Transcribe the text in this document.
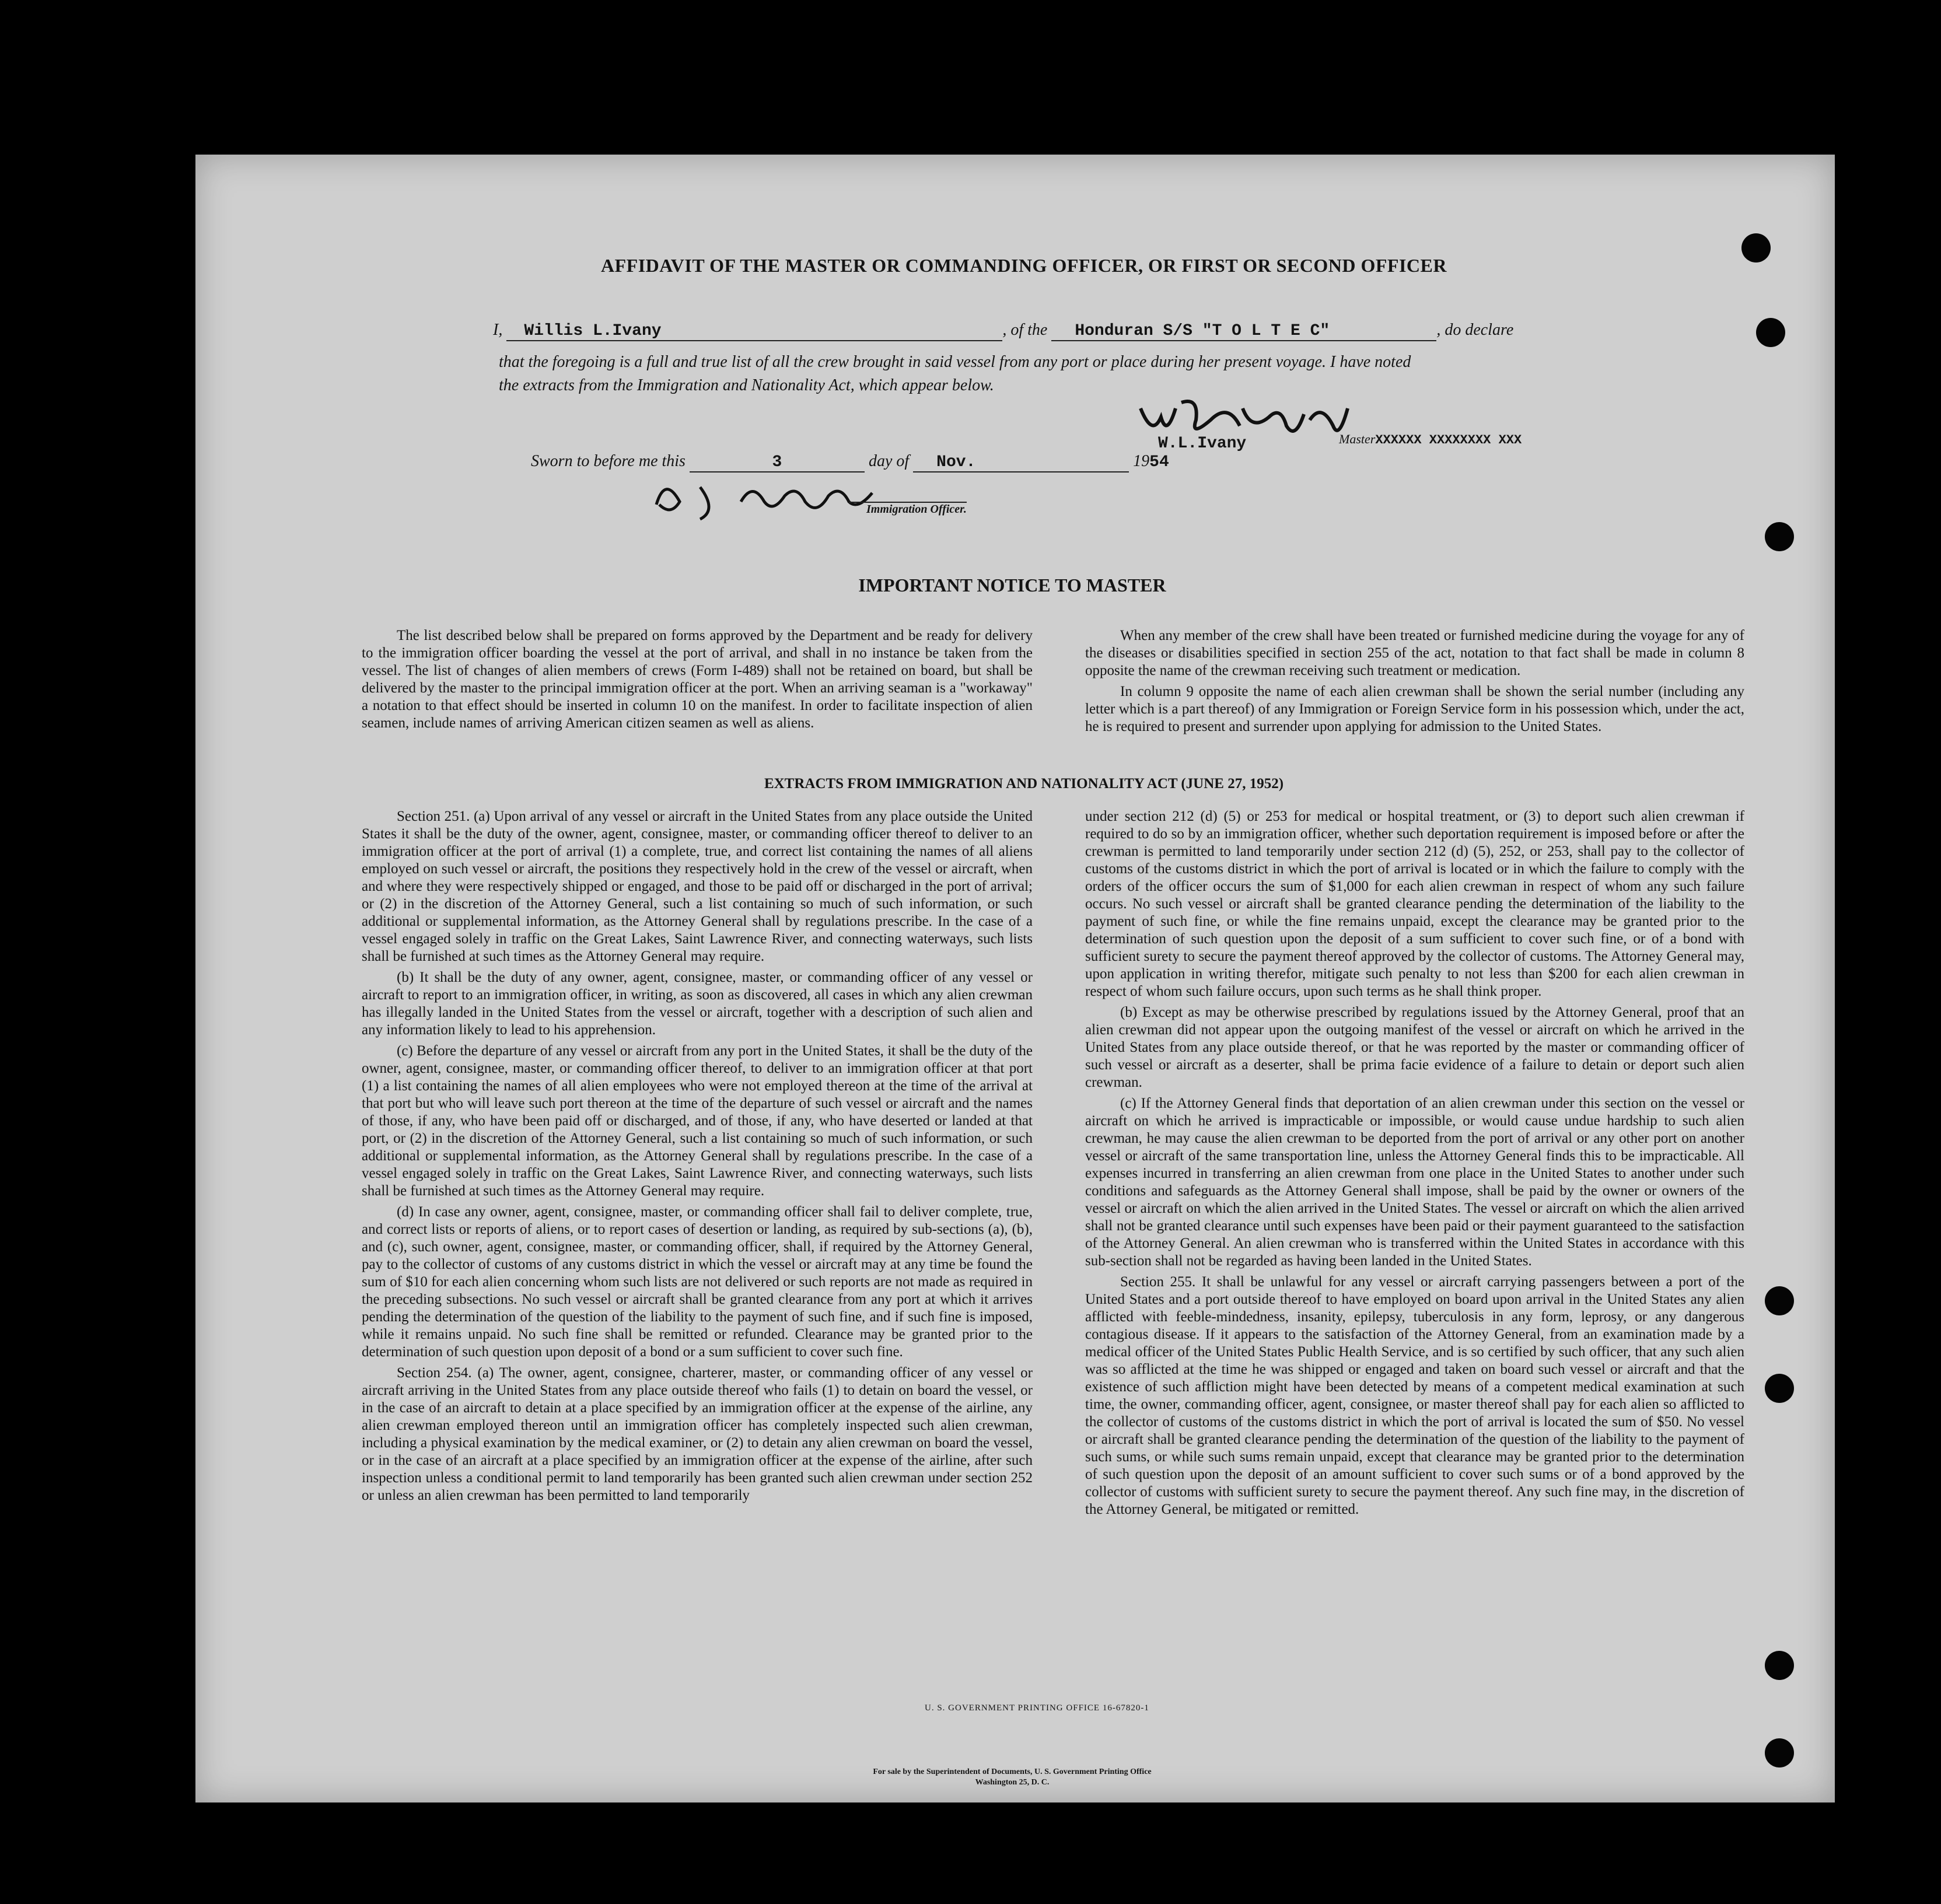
AFFIDAVIT OF THE MASTER OR COMMANDING OFFICER, OR FIRST OR SECOND OFFICER
I, Willis L.Ivany	, of the Honduran S/S "T O L T E C"	, do declare
that the foregoing is a full and true list of all the crew brought in said vessel from any port or place during her present voyage. I have noted
the extracts from the Immigration and Nationality Act, which appear below.
W.L.Ivany	MasterXXXXXX XXXXXXXX XXX
Sworn to before me this	3	day of Nov.	1954
Immigration Officer.
IMPORTANT NOTICE TO MASTER

The list described below shall be prepared on forms approved by the Department and be ready for delivery to the immigration officer boarding the vessel at the port of arrival, and shall in no instance be taken from the vessel. The list of changes of alien members of crews (Form I-489) shall not be retained on board, but shall be delivered by the master to the principal immigration officer at the port. When an arriving seaman is a "workaway" a notation to that effect should be inserted in column 10 on the manifest. In order to facilitate inspection of alien seamen, include names of arriving American citizen seamen as well as aliens.

When any member of the crew shall have been treated or furnished medicine during the voyage for any of the diseases or disabilities specified in section 255 of the act, notation to that fact shall be made in column 8 opposite the name of the crewman receiving such treatment or medication.

In column 9 opposite the name of each alien crewman shall be shown the serial number (including any letter which is a part thereof) of any Immigration or Foreign Service form in his possession which, under the act, he is required to present and surrender upon applying for admission to the United States.

EXTRACTS FROM IMMIGRATION AND NATIONALITY ACT (JUNE 27, 1952)

Section 251. (a) Upon arrival of any vessel or aircraft in the United States from any place outside the United States it shall be the duty of the owner, agent, consignee, master, or commanding officer thereof to deliver to an immigration officer at the port of arrival (1) a complete, true, and correct list containing the names of all aliens employed on such vessel or aircraft, the positions they respectively hold in the crew of the vessel or aircraft, when and where they were respectively shipped or engaged, and those to be paid off or discharged in the port of arrival; or (2) in the discretion of the Attorney General, such a list containing so much of such information, or such additional or supplemental information, as the Attorney General shall by regulations prescribe. In the case of a vessel engaged solely in traffic on the Great Lakes, Saint Lawrence River, and connecting waterways, such lists shall be furnished at such times as the Attorney General may require.

(b) It shall be the duty of any owner, agent, consignee, master, or commanding officer of any vessel or aircraft to report to an immigration officer, in writing, as soon as discovered, all cases in which any alien crewman has illegally landed in the United States from the vessel or aircraft, together with a description of such alien and any information likely to lead to his apprehension.

(c) Before the departure of any vessel or aircraft from any port in the United States, it shall be the duty of the owner, agent, consignee, master, or commanding officer thereof, to deliver to an immigration officer at that port (1) a list containing the names of all alien employees who were not employed thereon at the time of the arrival at that port but who will leave such port thereon at the time of the departure of such vessel or aircraft and the names of those, if any, who have been paid off or discharged, and of those, if any, who have deserted or landed at that port, or (2) in the discretion of the Attorney General, such a list containing so much of such information, or such additional or supplemental information, as the Attorney General shall by regulations prescribe. In the case of a vessel engaged solely in traffic on the Great Lakes, Saint Lawrence River, and connecting waterways, such lists shall be furnished at such times as the Attorney General may require.

(d) In case any owner, agent, consignee, master, or commanding officer shall fail to deliver complete, true, and correct lists or reports of aliens, or to report cases of desertion or landing, as required by sub-sections (a), (b), and (c), such owner, agent, consignee, master, or commanding officer, shall, if required by the Attorney General, pay to the collector of customs of any customs district in which the vessel or aircraft may at any time be found the sum of $10 for each alien concerning whom such lists are not delivered or such reports are not made as required in the preceding subsections. No such vessel or aircraft shall be granted clearance from any port at which it arrives pending the determination of the question of the liability to the payment of such fine, and if such fine is imposed, while it remains unpaid. No such fine shall be remitted or refunded. Clearance may be granted prior to the determination of such question upon deposit of a bond or a sum sufficient to cover such fine.

Section 254. (a) The owner, agent, consignee, charterer, master, or commanding officer of any vessel or aircraft arriving in the United States from any place outside thereof who fails (1) to detain on board the vessel, or in the case of an aircraft to detain at a place specified by an immigration officer at the expense of the airline, any alien crewman employed thereon until an immigration officer has completely inspected such alien crewman, including a physical examination by the medical examiner, or (2) to detain any alien crewman on board the vessel, or in the case of an aircraft at a place specified by an immigration officer at the expense of the airline, after such inspection unless a conditional permit to land temporarily has been granted such alien crewman under section 252 or unless an alien crewman has been permitted to land temporarily

under section 212 (d) (5) or 253 for medical or hospital treatment, or (3) to deport such alien crewman if required to do so by an immigration officer, whether such deportation requirement is imposed before or after the crewman is permitted to land temporarily under section 212 (d) (5), 252, or 253, shall pay to the collector of customs of the customs district in which the port of arrival is located or in which the failure to comply with the orders of the officer occurs the sum of $1,000 for each alien crewman in respect of whom any such failure occurs. No such vessel or aircraft shall be granted clearance pending the determination of the liability to the payment of such fine, or while the fine remains unpaid, except the clearance may be granted prior to the determination of such question upon the deposit of a sum sufficient to cover such fine, or of a bond with sufficient surety to secure the payment thereof approved by the collector of customs. The Attorney General may, upon application in writing therefor, mitigate such penalty to not less than $200 for each alien crewman in respect of whom such failure occurs, upon such terms as he shall think proper.

(b) Except as may be otherwise prescribed by regulations issued by the Attorney General, proof that an alien crewman did not appear upon the outgoing manifest of the vessel or aircraft on which he arrived in the United States from any place outside thereof, or that he was reported by the master or commanding officer of such vessel or aircraft as a deserter, shall be prima facie evidence of a failure to detain or deport such alien crewman.

(c) If the Attorney General finds that deportation of an alien crewman under this section on the vessel or aircraft on which he arrived is impracticable or impossible, or would cause undue hardship to such alien crewman, he may cause the alien crewman to be deported from the port of arrival or any other port on another vessel or aircraft of the same transportation line, unless the Attorney General finds this to be impracticable. All expenses incurred in transferring an alien crewman from one place in the United States to another under such conditions and safeguards as the Attorney General shall impose, shall be paid by the owner or owners of the vessel or aircraft on which the alien arrived in the United States. The vessel or aircraft on which the alien arrived shall not be granted clearance until such expenses have been paid or their payment guaranteed to the satisfaction of the Attorney General. An alien crewman who is transferred within the United States in accordance with this sub-section shall not be regarded as having been landed in the United States.

Section 255. It shall be unlawful for any vessel or aircraft carrying passengers between a port of the United States and a port outside thereof to have employed on board upon arrival in the United States any alien afflicted with feeble-mindedness, insanity, epilepsy, tuberculosis in any form, leprosy, or any dangerous contagious disease. If it appears to the satisfaction of the Attorney General, from an examination made by a medical officer of the United States Public Health Service, and is so certified by such officer, that any such alien was so afflicted at the time he was shipped or engaged and taken on board such vessel or aircraft and that the existence of such affliction might have been detected by means of a competent medical examination at such time, the owner, commanding officer, agent, consignee, or master thereof shall pay for each alien so afflicted to the collector of customs of the customs district in which the port of arrival is located the sum of $50. No vessel or aircraft shall be granted clearance pending the determination of the question of the liability to the payment of such sums, or while such sums remain unpaid, except that clearance may be granted prior to the determination of such question upon the deposit of an amount sufficient to cover such sums or of a bond approved by the collector of customs with sufficient surety to secure the payment thereof. Any such fine may, in the discretion of the Attorney General, be mitigated or remitted.

U. S. GOVERNMENT PRINTING OFFICE 16-67820-1
For sale by the Superintendent of Documents, U. S. Government Printing Office
Washington 25, D. C.
